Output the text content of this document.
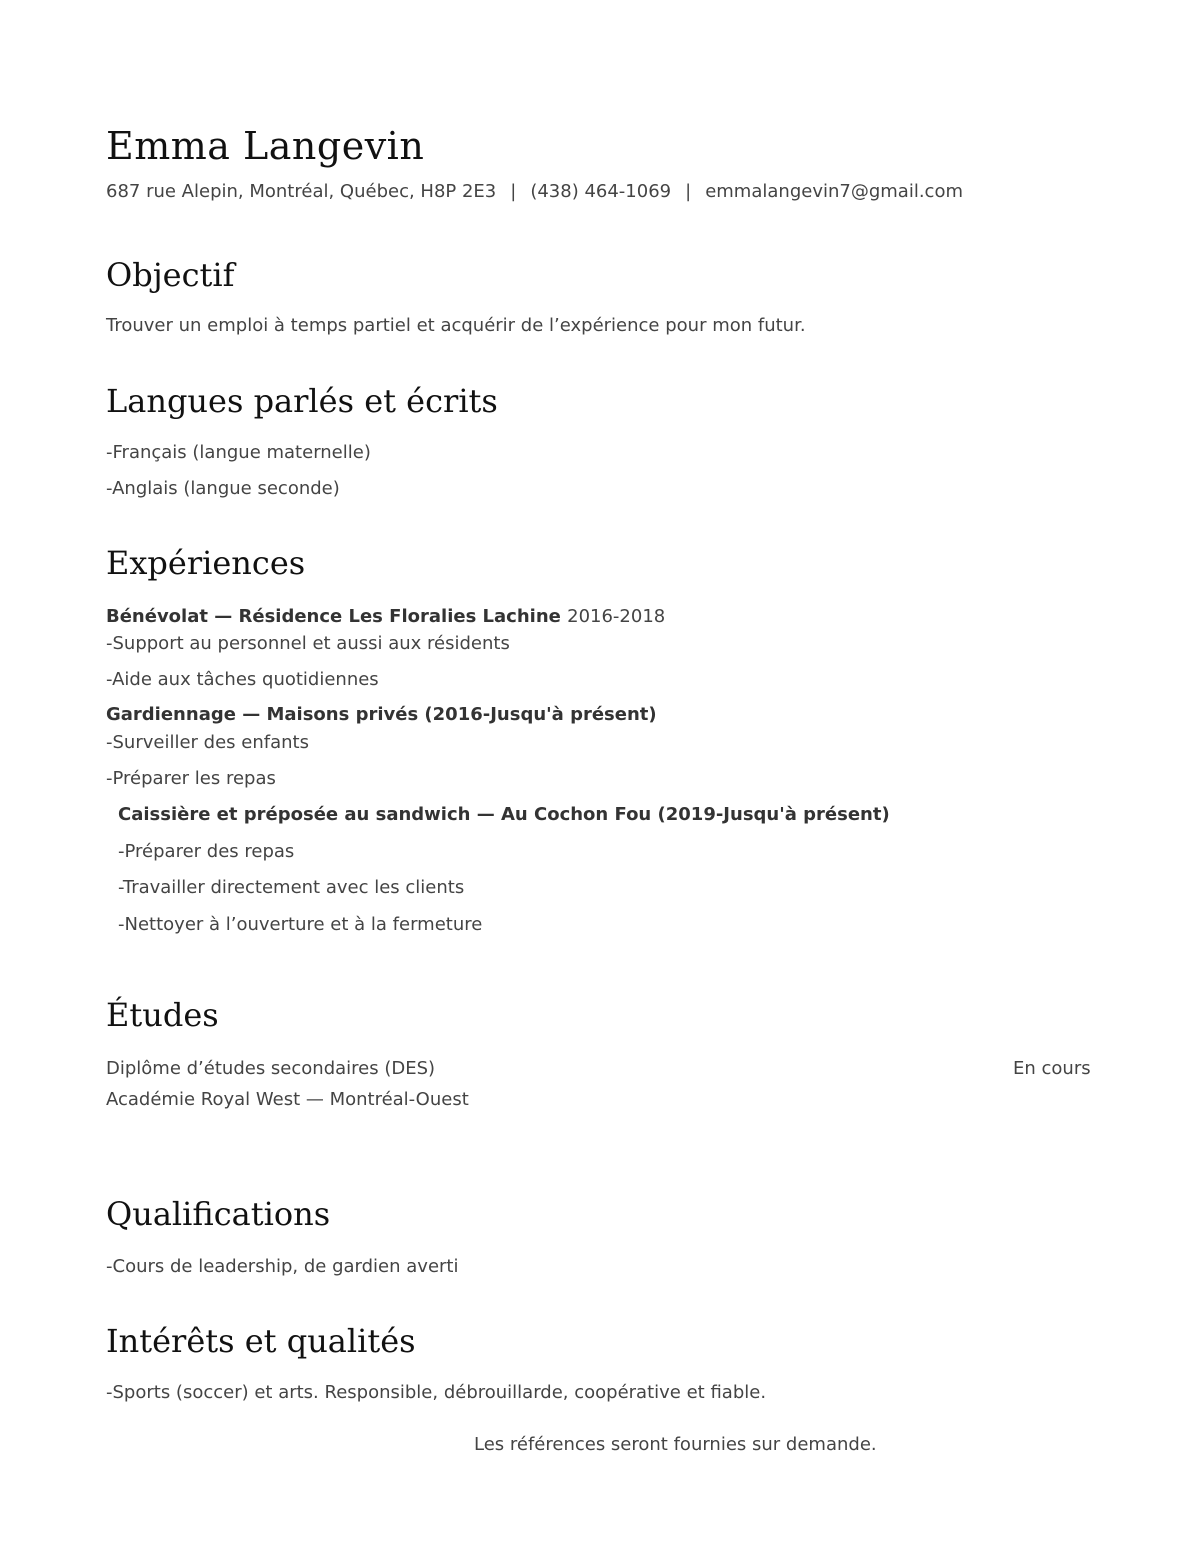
Emma Langevin
687 rue Alepin, Montréal, Québec, H8P 2E3 | (438) 464-1069 | emmalangevin7@gmail.com
Objectif
Trouver un emploi à temps partiel et acquérir de l’expérience pour mon futur.
Langues parlés et écrits
-Français (langue maternelle)
-Anglais (langue seconde)
Expériences
Bénévolat — Résidence Les Floralies Lachine 2016-2018
-Support au personnel et aussi aux résidents
-Aide aux tâches quotidiennes
Gardiennage — Maisons privés (2016-Jusqu'à présent)
-Surveiller des enfants
-Préparer les repas
Caissière et préposée au sandwich — Au Cochon Fou (2019-Jusqu'à présent)
-Préparer des repas
-Travailler directement avec les clients
-Nettoyer à l’ouverture et à la fermeture
Études
Diplôme d’études secondaires (DES)	En cours
Académie Royal West — Montréal-Ouest
Qualifications
-Cours de leadership, de gardien averti
Intérêts et qualités
-Sports (soccer) et arts. Responsible, débrouillarde, coopérative et fiable.
Les références seront fournies sur demande.
